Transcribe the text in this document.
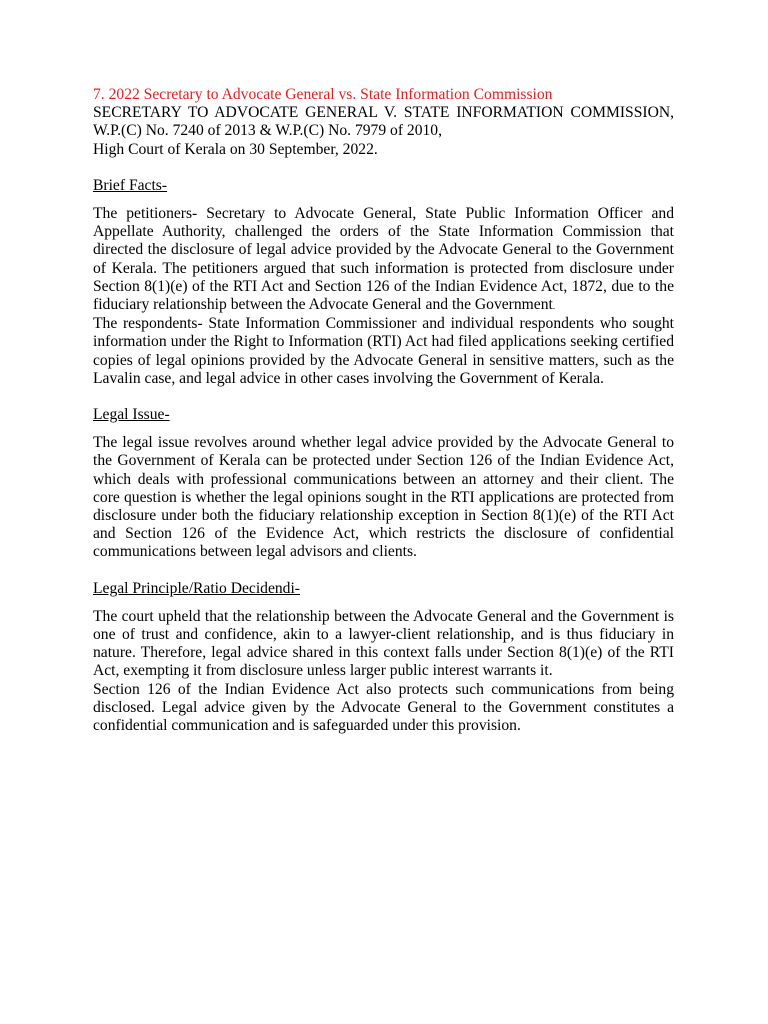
7. 2022 Secretary to Advocate General vs. State Information Commission

SECRETARY TO ADVOCATE GENERAL V. STATE INFORMATION COMMISSION, W.P.(C) No. 7240 of 2013 & W.P.(C) No. 7979 of 2010,

High Court of Kerala on 30 September, 2022.

Brief Facts-

The petitioners- Secretary to Advocate General, State Public Information Officer and Appellate Authority, challenged the orders of the State Information Commission that directed the disclosure of legal advice provided by the Advocate General to the Government of Kerala. The petitioners argued that such information is protected from disclosure under Section 8(1)(e) of the RTI Act and Section 126 of the Indian Evidence Act, 1872, due to the fiduciary relationship between the Advocate General and the Government.

The respondents- State Information Commissioner and individual respondents who sought information under the Right to Information (RTI) Act had filed applications seeking certified copies of legal opinions provided by the Advocate General in sensitive matters, such as the Lavalin case, and legal advice in other cases involving the Government of Kerala.

Legal Issue-

The legal issue revolves around whether legal advice provided by the Advocate General to the Government of Kerala can be protected under Section 126 of the Indian Evidence Act, which deals with professional communications between an attorney and their client. The core question is whether the legal opinions sought in the RTI applications are protected from disclosure under both the fiduciary relationship exception in Section 8(1)(e) of the RTI Act and Section 126 of the Evidence Act, which restricts the disclosure of confidential communications between legal advisors and clients.

Legal Principle/Ratio Decidendi-

The court upheld that the relationship between the Advocate General and the Government is one of trust and confidence, akin to a lawyer-client relationship, and is thus fiduciary in nature. Therefore, legal advice shared in this context falls under Section 8(1)(e) of the RTI Act, exempting it from disclosure unless larger public interest warrants it.

Section 126 of the Indian Evidence Act also protects such communications from being disclosed. Legal advice given by the Advocate General to the Government constitutes a confidential communication and is safeguarded under this provision.
